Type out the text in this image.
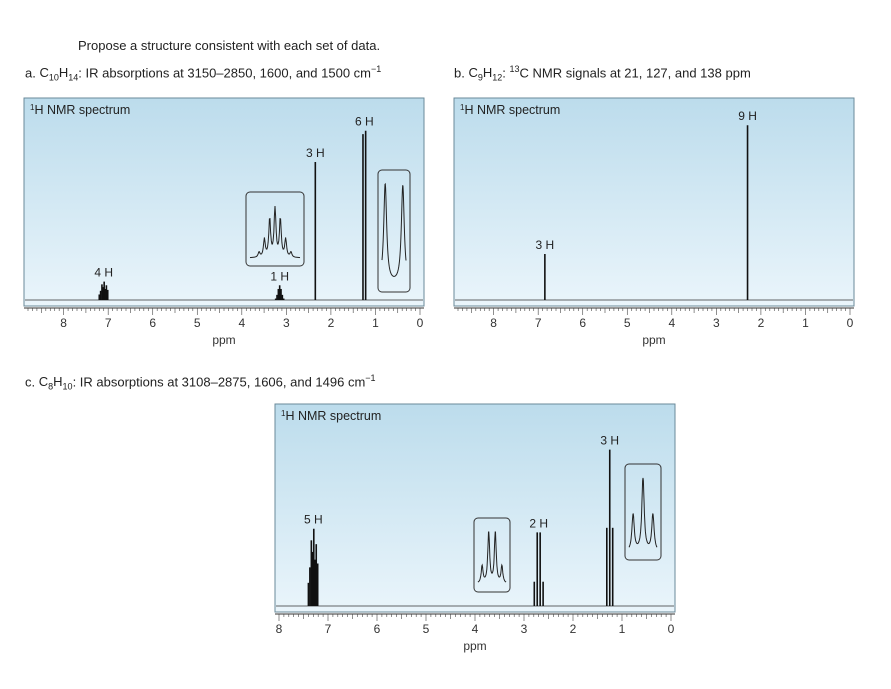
Propose a structure consistent with each set of data.
a. $C_{10}H_{14}$: IR absorptions at 3150–2850, 1600, and 1500 $cm^{-1}$	b. $C_9H_{12}$: $^{13}$C NMR signals at 21, 127, and 138 ppm
c. $C_8H_{10}$: IR absorptions at 3108–2875, 1606, and 1496 $cm^{-1}$
$^1$H NMR spectrum
8	7	6	5	4	3	2	1	0
ppm
4 H	1 H
3 H
6 H
$^1$H NMR spectrum
8	7	6	5	4	3	2	1	0
ppm
3 H
9 H
$^1$H NMR spectrum
8	7	6	5	4	3	2	1	0
ppm
5 H	2 H
3 H
